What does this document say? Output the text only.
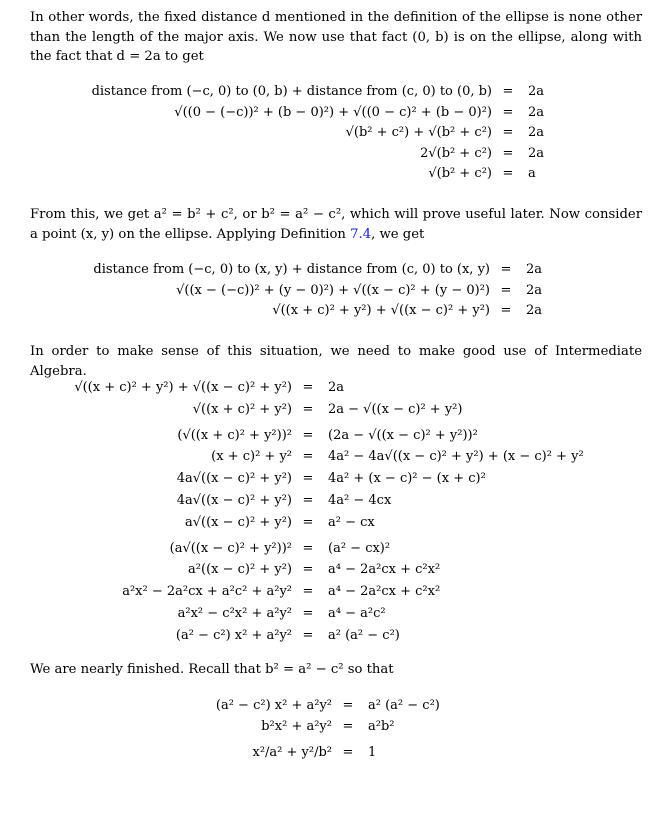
In other words, the fixed distance d mentioned in the definition of the ellipse is none other than the length of the major axis. We now use that fact (0, b) is on the ellipse, along with the fact that d = 2a to get
distance from (−c, 0) to (0, b) + distance from (c, 0) to (0, b) =	2a
√((0 − (−c))² + (b − 0)²) + √((0 − c)² + (b − 0)²) =	2a
√(b² + c²) + √(b² + c²) =	2a
2√(b² + c²) =	2a
√(b² + c²) =	a
From this, we get a² = b² + c², or b² = a² − c², which will prove useful later. Now consider a point (x, y) on the ellipse. Applying Definition 7.4, we get
distance from (−c, 0) to (x, y) + distance from (c, 0) to (x, y) =	2a
√((x − (−c))² + (y − 0)²) + √((x − c)² + (y − 0)²) =	2a
√((x + c)² + y²) + √((x − c)² + y²) =	2a
In order to make sense of this situation, we need to make good use of Intermediate Algebra.
√((x + c)² + y²) + √((x − c)² + y²) =	2a
√((x + c)² + y²) =	2a − √((x − c)² + y²)
(√((x + c)² + y²))² =	(2a − √((x − c)² + y²))²
(x + c)² + y² =	4a² − 4a√((x − c)² + y²) + (x − c)² + y²
4a√((x − c)² + y²) =	4a² + (x − c)² − (x + c)²
4a√((x − c)² + y²) =	4a² − 4cx
a√((x − c)² + y²) =	a² − cx
(a√((x − c)² + y²))² =	(a² − cx)²
a²((x − c)² + y²) =	a⁴ − 2a²cx + c²x²
a²x² − 2a²cx + a²c² + a²y² =	a⁴ − 2a²cx + c²x²
a²x² − c²x² + a²y² =	a⁴ − a²c²
(a² − c²) x² + a²y² =	a² (a² − c²)
We are nearly finished. Recall that b² = a² − c² so that
(a² − c²) x² + a²y² =	a² (a² − c²)
b²x² + a²y² =	a²b²
x²/a² + y²/b² =	1
